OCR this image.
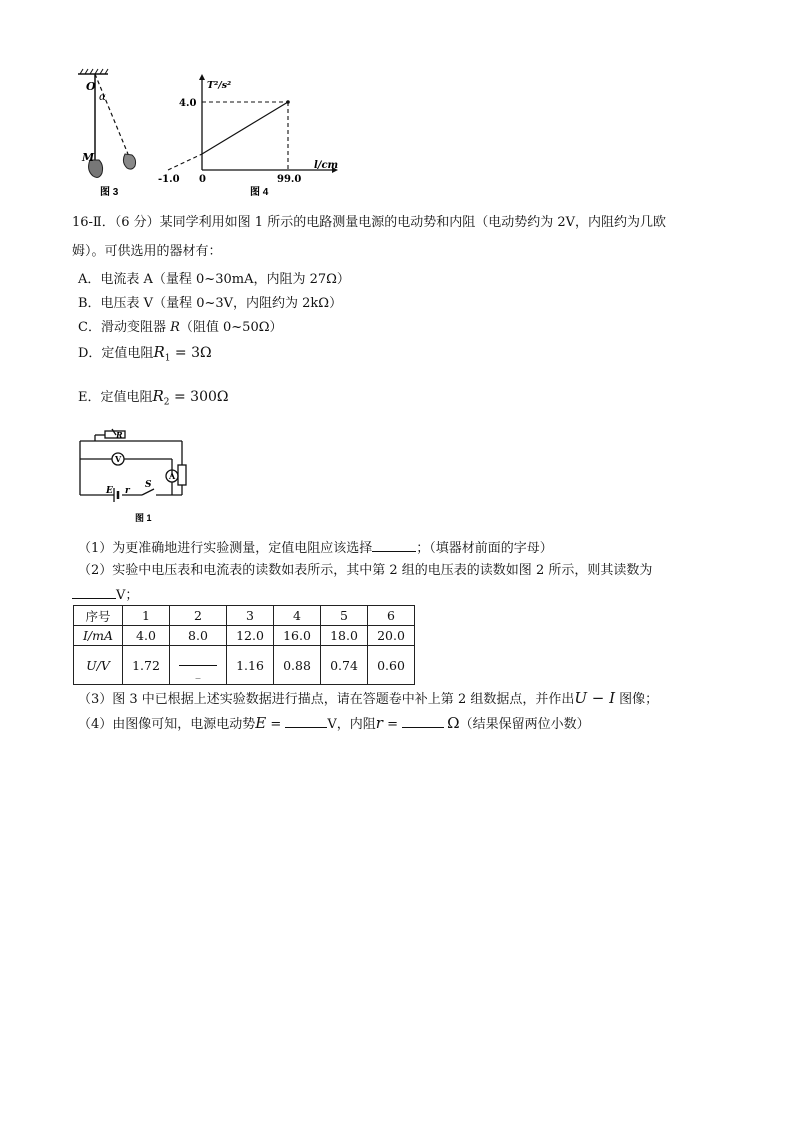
O
α
M
图 3
T²/s²
4.0
l/cm
-1.0 0	99.0
图 4
16-Ⅱ．（6 分）某同学利用如图 1 所示的电路测量电源的电动势和内阻（电动势约为 2V，内阻约为几欧
姆）。可供选用的器材有：
A．电流表 A（量程 0~30mA，内阻为 27Ω）
B．电压表 V（量程 0~3V，内阻约为 2kΩ）
C．滑动变阻器 R（阻值 0~50Ω）
D．定值电阻$R_1 = 3\Omega$
E．定值电阻$R_2 = 300\Omega$
R
V
A
E r
S
图 1
（1）为更准确地进行实验测量，定值电阻应该选择	；（填器材前面的字母）
（2）实验中电压表和电流表的读数如表所示，其中第 2 组的电压表的读数如图 2 所示，则其读数为
V；
序号	1	2	3	4	5	6
I/mA	4.0	8.0	12.0	16.0	18.0	20.0
U/V	1.72	_	1.16	0.88	0.74	0.60
（3）图 3 中已根据上述实验数据进行描点，请在答题卷中补上第 2 组数据点，并作出U − I 图像；
（4）由图像可知，电源电动势E =	V，内阻r =	Ω（结果保留两位小数）
